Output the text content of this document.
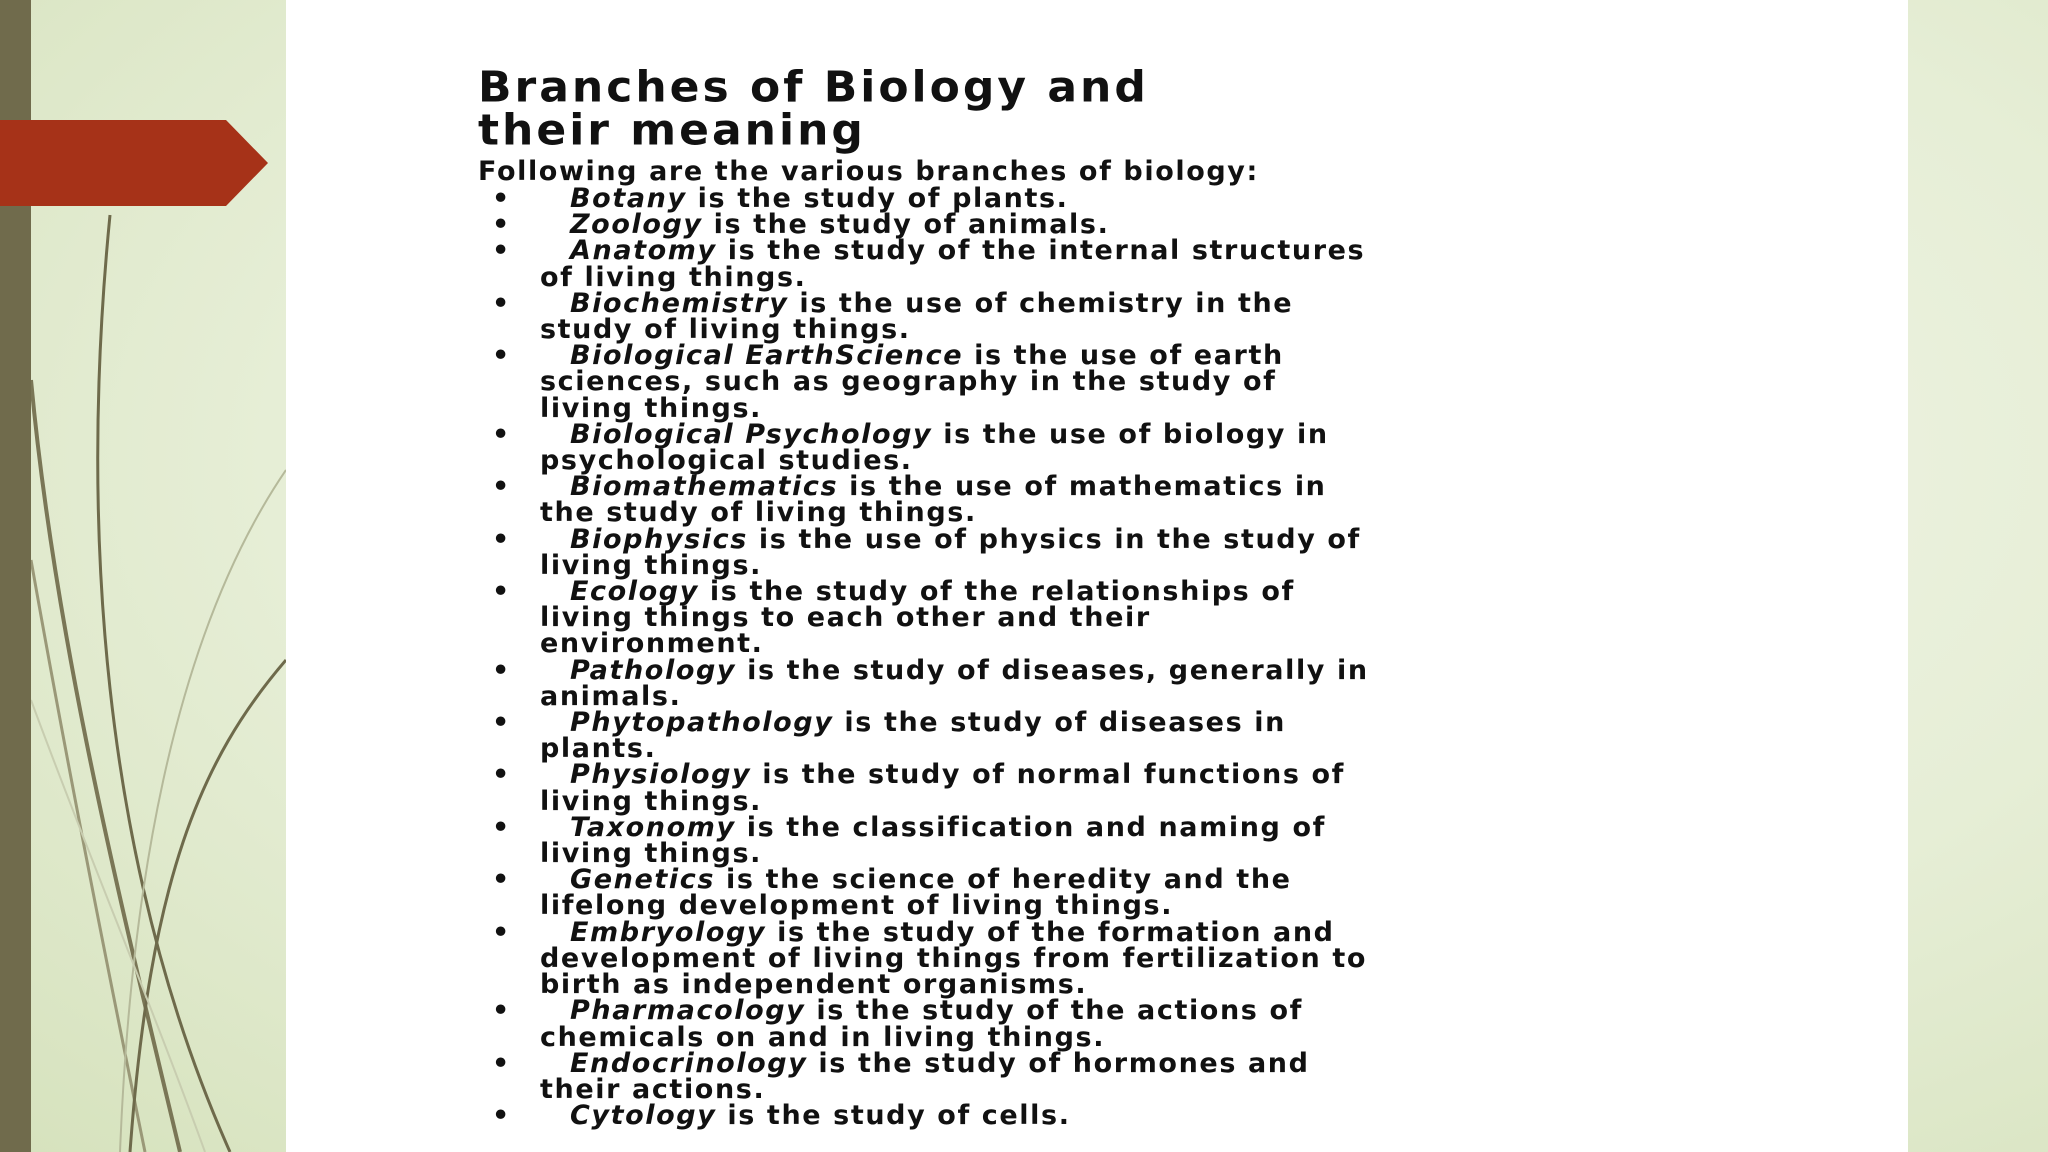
Branches of Biology and
their meaning

Following are the various branches of biology:

• Botany is the study of plants.
• Zoology is the study of animals.
• Anatomy is the study of the internal structures
of living things.
• Biochemistry is the use of chemistry in the
study of living things.
• Biological EarthScience is the use of earth
sciences, such as geography in the study of
living things.
• Biological Psychology is the use of biology in
psychological studies.
• Biomathematics is the use of mathematics in
the study of living things.
• Biophysics is the use of physics in the study of
living things.
• Ecology is the study of the relationships of
living things to each other and their
environment.
• Pathology is the study of diseases, generally in
animals.
• Phytopathology is the study of diseases in
plants.
• Physiology is the study of normal functions of
living things.
• Taxonomy is the classification and naming of
living things.
• Genetics is the science of heredity and the
lifelong development of living things.
• Embryology is the study of the formation and
development of living things from fertilization to
birth as independent organisms.
• Pharmacology is the study of the actions of
chemicals on and in living things.
• Endocrinology is the study of hormones and
their actions.
• Cytology is the study of cells.
